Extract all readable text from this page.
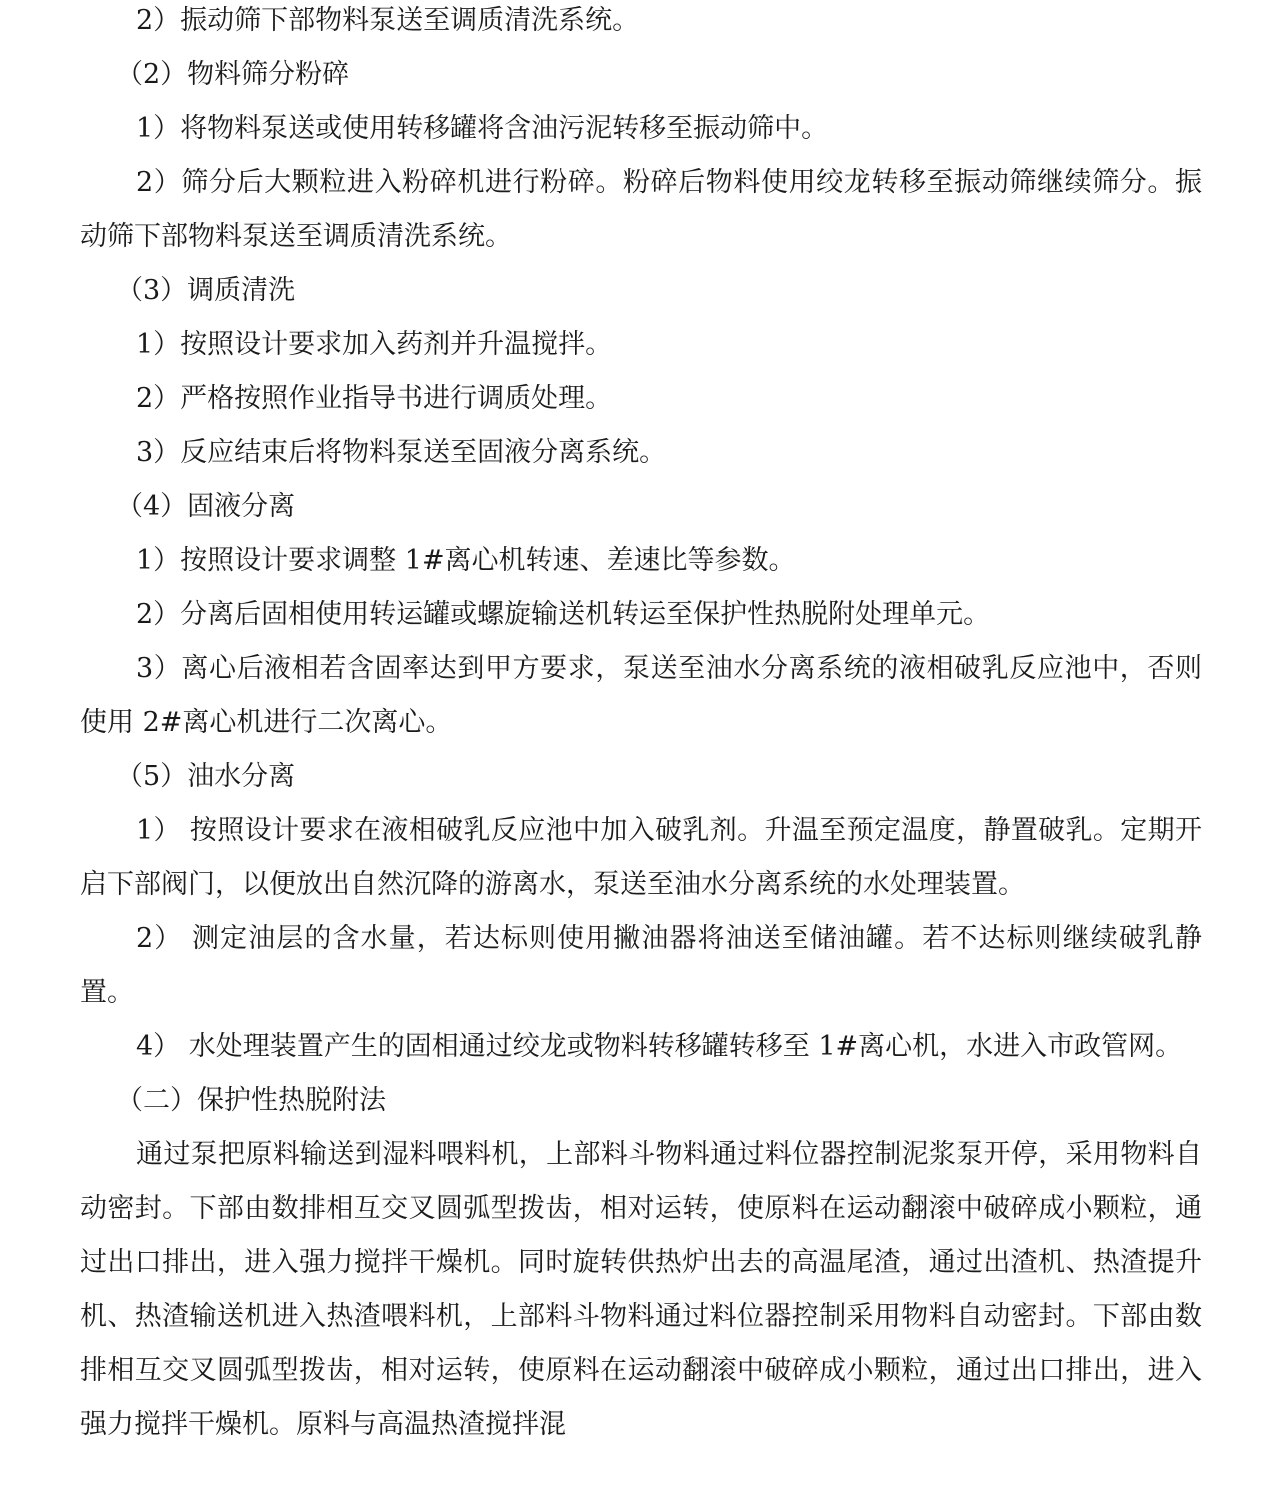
2）振动筛下部物料泵送至调质清洗系统。

（2）物料筛分粉碎

1）将物料泵送或使用转移罐将含油污泥转移至振动筛中。

2）筛分后大颗粒进入粉碎机进行粉碎。粉碎后物料使用绞龙转移至振动筛继续筛分。振动筛下部物料泵送至调质清洗系统。

（3）调质清洗

1）按照设计要求加入药剂并升温搅拌。

2）严格按照作业指导书进行调质处理。

3）反应结束后将物料泵送至固液分离系统。

（4）固液分离

1）按照设计要求调整 1#离心机转速、差速比等参数。

2）分离后固相使用转运罐或螺旋输送机转运至保护性热脱附处理单元。

3）离心后液相若含固率达到甲方要求，泵送至油水分离系统的液相破乳反应池中，否则使用 2#离心机进行二次离心。

（5）油水分离

1） 按照设计要求在液相破乳反应池中加入破乳剂。升温至预定温度，静置破乳。定期开启下部阀门，以便放出自然沉降的游离水，泵送至油水分离系统的水处理装置。

2） 测定油层的含水量，若达标则使用撇油器将油送至储油罐。若不达标则继续破乳静置。

4） 水处理装置产生的固相通过绞龙或物料转移罐转移至 1#离心机，水进入市政管网。

（二）保护性热脱附法

通过泵把原料输送到湿料喂料机，上部料斗物料通过料位器控制泥浆泵开停，采用物料自动密封。下部由数排相互交叉圆弧型拨齿，相对运转，使原料在运动翻滚中破碎成小颗粒，通过出口排出，进入强力搅拌干燥机。同时旋转供热炉出去的高温尾渣，通过出渣机、热渣提升机、热渣输送机进入热渣喂料机，上部料斗物料通过料位器控制采用物料自动密封。下部由数排相互交叉圆弧型拨齿，相对运转，使原料在运动翻滚中破碎成小颗粒，通过出口排出，进入强力搅拌干燥机。原料与高温热渣搅拌混
